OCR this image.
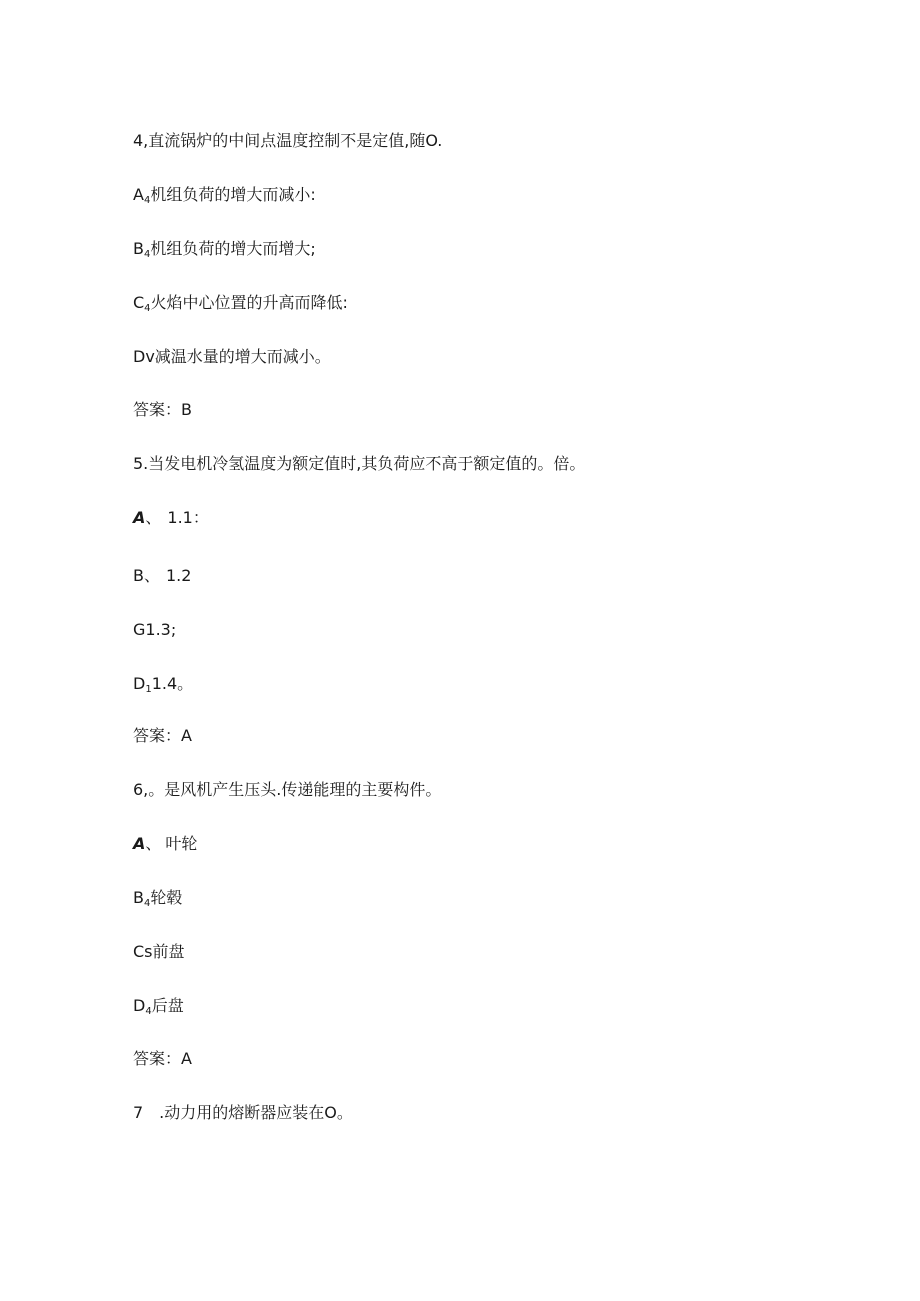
4,直流锅炉的中间点温度控制不是定值,随O.
$A_4$机组负荷的增大而减小:
$B_4$机组负荷的增大而增大;
$C_4$火焰中心位置的升高而降低:
Dv减温水量的增大而减小。
答案：B
5.当发电机冷氢温度为额定值时,其负荷应不高于额定值的。倍。
A、 1.1：
B、 1.2
G1.3;
$D_11.4$。
答案：A
6,。是风机产生压头.传递能理的主要构件。
A、 叶轮
$B_4$轮毂
Cs前盘
$D_4$后盘
答案：A
7　.动力用的熔断器应装在O。
